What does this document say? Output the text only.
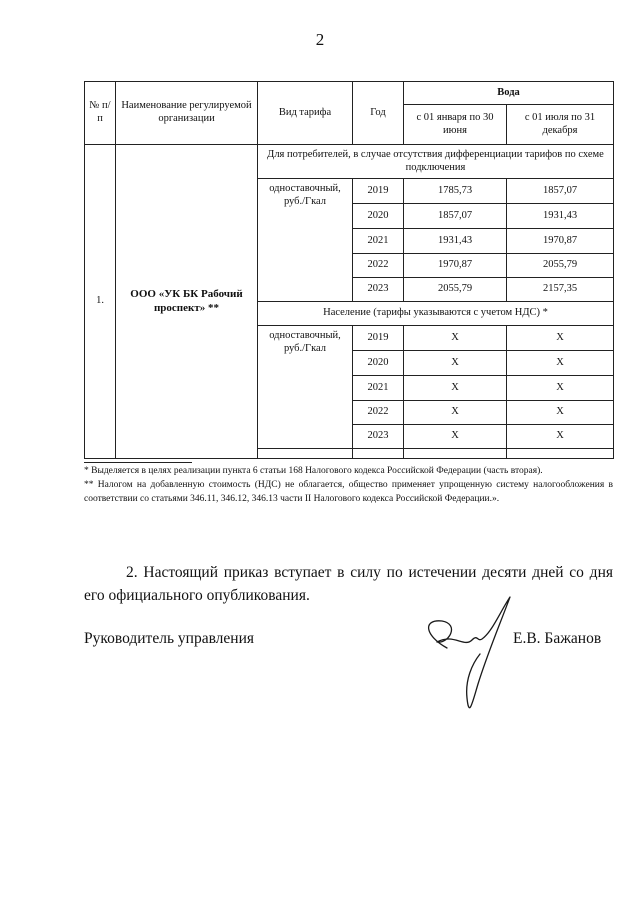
2
№ п/п	Наименование регулируемой организации	Вид тарифа	Год	Вода	
				с 01 января по 30 июня	с 01 июля по 31 декабря
1.	ООО «УК БК Рабочий проспект» **	Для потребителей, в случае отсутствия дифференциации тарифов по схеме подключения			
		одноставочный, руб./Гкал	2019	1785,73	1857,07
			2020	1857,07	1931,43
			2021	1931,43	1970,87
			2022	1970,87	2055,79
			2023	2055,79	2157,35
		Население (тарифы указываются с учетом НДС) *			
		одноставочный, руб./Гкал	2019	Х	Х
			2020	Х	Х
			2021	Х	Х
			2022	Х	Х
			2023	Х	Х

* Выделяется в целях реализации пункта 6 статьи 168 Налогового кодекса Российской Федерации (часть вторая).

** Налогом на добавленную стоимость (НДС) не облагается, общество применяет упрощенную систему налогообложения в соответствии со статьями 346.11, 346.12, 346.13 части II Налогового кодекса Российской Федерации.».

2. Настоящий приказ вступает в силу по истечении десяти дней со дня его официального опубликования.

Руководитель управления	Е.В. Бажанов
